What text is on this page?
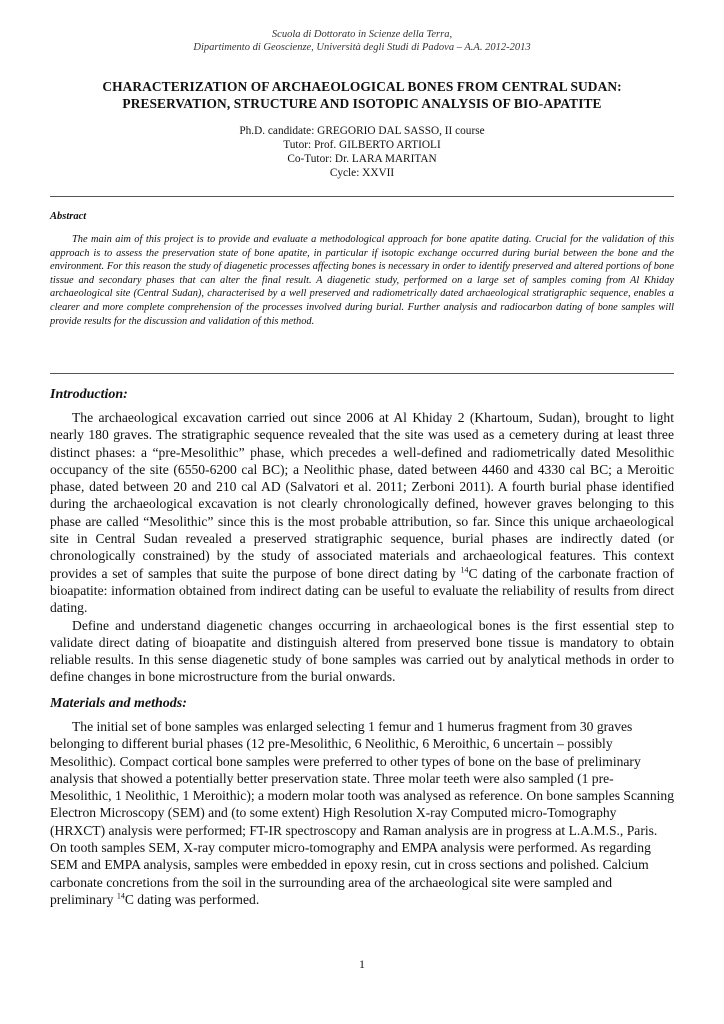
Scuola di Dottorato in Scienze della Terra,
Dipartimento di Geoscienze, Università degli Studi di Padova – A.A. 2012-2013
CHARACTERIZATION OF ARCHAEOLOGICAL BONES FROM CENTRAL SUDAN:
PRESERVATION, STRUCTURE AND ISOTOPIC ANALYSIS OF BIO-APATITE
Ph.D. candidate: GREGORIO DAL SASSO, II course
Tutor: Prof. GILBERTO ARTIOLI
Co-Tutor: Dr. LARA MARITAN
Cycle: XXVII
Abstract
The main aim of this project is to provide and evaluate a methodological approach for bone apatite dating. Crucial for the validation of this approach is to assess the preservation state of bone apatite, in particular if isotopic exchange occurred during burial between the bone and the environment. For this reason the study of diagenetic processes affecting bones is necessary in order to identify preserved and altered portions of bone tissue and secondary phases that can alter the final result. A diagenetic study, performed on a large set of samples coming from Al Khiday archaeological site (Central Sudan), characterised by a well preserved and radiometrically dated archaeological stratigraphic sequence, enables a clearer and more complete comprehension of the processes involved during burial. Further analysis and radiocarbon dating of bone samples will provide results for the discussion and validation of this method.
Introduction:

The archaeological excavation carried out since 2006 at Al Khiday 2 (Khartoum, Sudan), brought to light nearly 180 graves. The stratigraphic sequence revealed that the site was used as a cemetery during at least three distinct phases: a “pre-Mesolithic” phase, which precedes a well-defined and radiometrically dated Mesolithic occupancy of the site (6550-6200 cal BC); a Neolithic phase, dated between 4460 and 4330 cal BC; a Meroitic phase, dated between 20 and 210 cal AD (Salvatori et al. 2011; Zerboni 2011). A fourth burial phase identified during the archaeological excavation is not clearly chronologically defined, however graves belonging to this phase are called “Mesolithic” since this is the most probable attribution, so far. Since this unique archaeological site in Central Sudan revealed a preserved stratigraphic sequence, burial phases are indirectly dated (or chronologically constrained) by the study of associated materials and archaeological features. This context provides a set of samples that suite the purpose of bone direct dating by $^{14}$C dating of the carbonate fraction of bioapatite: information obtained from indirect dating can be useful to evaluate the reliability of results from direct dating.

Define and understand diagenetic changes occurring in archaeological bones is the first essential step to validate direct dating of bioapatite and distinguish altered from preserved bone tissue is mandatory to obtain reliable results. In this sense diagenetic study of bone samples was carried out by analytical methods in order to define changes in bone microstructure from the burial onwards.

Materials and methods:

The initial set of bone samples was enlarged selecting 1 femur and 1 humerus fragment from 30 graves belonging to different burial phases (12 pre-Mesolithic, 6 Neolithic, 6 Meroithic, 6 uncertain – possibly Mesolithic). Compact cortical bone samples were preferred to other types of bone on the base of preliminary analysis that showed a potentially better preservation state. Three molar teeth were also sampled (1 pre-Mesolithic, 1 Neolithic, 1 Meroithic); a modern molar tooth was analysed as reference. On bone samples Scanning Electron Microscopy (SEM) and (to some extent) High Resolution X-ray Computed micro-Tomography (HRXCT) analysis were performed; FT-IR spectroscopy and Raman analysis are in progress at L.A.M.S., Paris. On tooth samples SEM, X-ray computer micro-tomography and EMPA analysis were performed. As regarding SEM and EMPA analysis, samples were embedded in epoxy resin, cut in cross sections and polished. Calcium carbonate concretions from the soil in the surrounding area of the archaeological site were sampled and preliminary $^{14}$C dating was performed.

1
